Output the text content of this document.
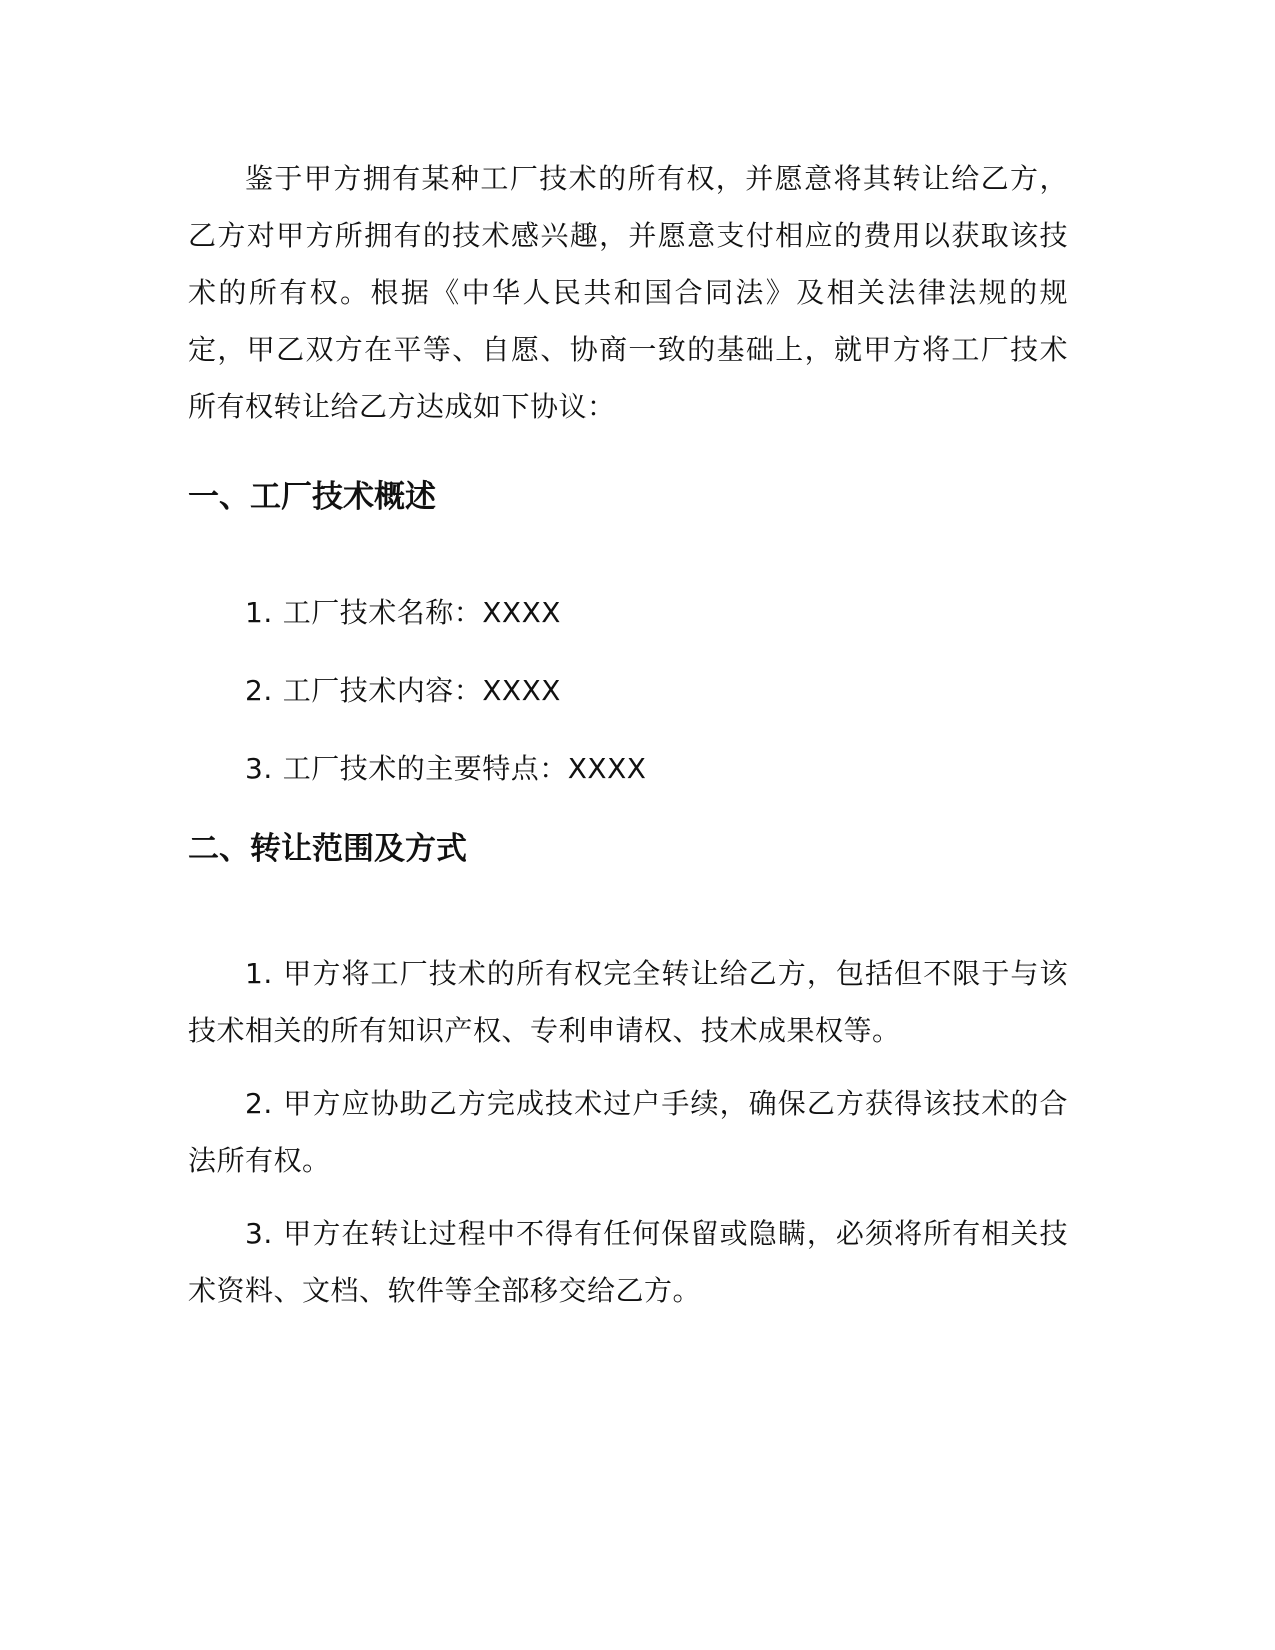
鉴于甲方拥有某种工厂技术的所有权，并愿意将其转让给乙方，乙方对甲方所拥有的技术感兴趣，并愿意支付相应的费用以获取该技术的所有权。根据《中华人民共和国合同法》及相关法律法规的规定，甲乙双方在平等、自愿、协商一致的基础上，就甲方将工厂技术所有权转让给乙方达成如下协议：

一、工厂技术概述
1. 工厂技术名称：XXXX
2. 工厂技术内容：XXXX
3. 工厂技术的主要特点：XXXX
二、转让范围及方式
1. 甲方将工厂技术的所有权完全转让给乙方，包括但不限于与该技术相关的所有知识产权、专利申请权、技术成果权等。
2. 甲方应协助乙方完成技术过户手续，确保乙方获得该技术的合法所有权。
3. 甲方在转让过程中不得有任何保留或隐瞒，必须将所有相关技术资料、文档、软件等全部移交给乙方。
